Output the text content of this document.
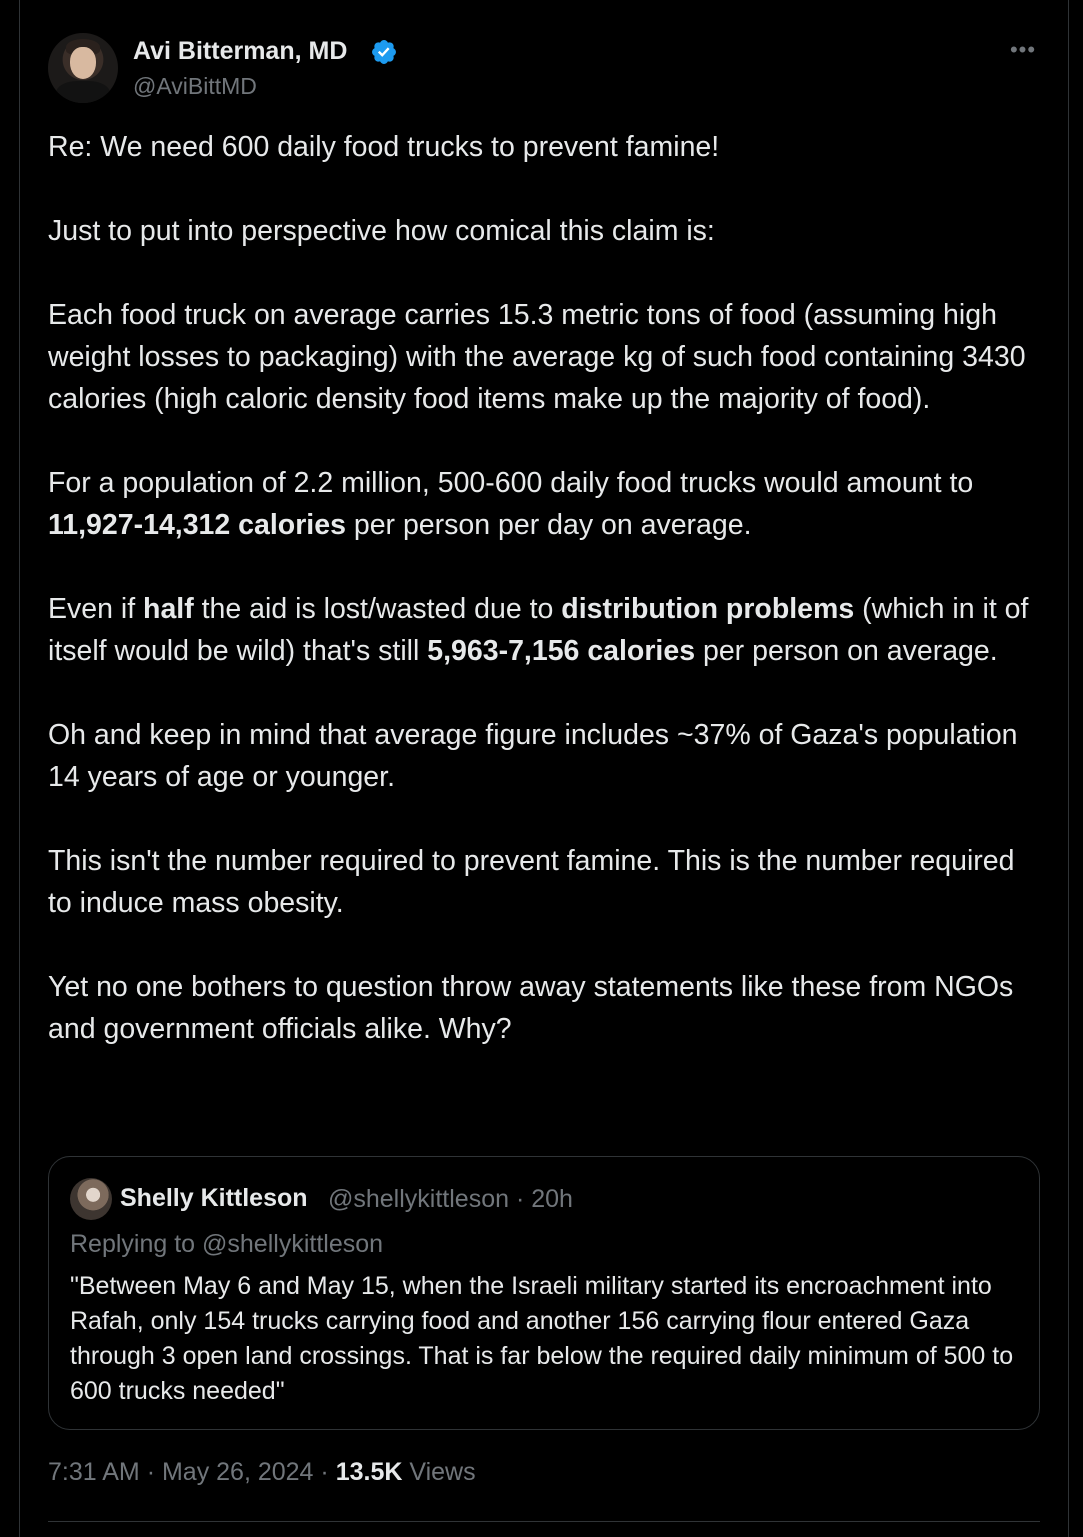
Avi Bitterman, MD
@AviBittMD
•••

Re: We need 600 daily food trucks to prevent famine!

Just to put into perspective how comical this claim is:

Each food truck on average carries 15.3 metric tons of food (assuming high weight losses to packaging) with the average kg of such food containing 3430 calories (high caloric density food items make up the majority of food).

For a population of 2.2 million, 500-600 daily food trucks would amount to 11,927-14,312 calories per person per day on average.

Even if half the aid is lost/wasted due to distribution problems (which in it of itself would be wild) that's still 5,963-7,156 calories per person on average.

Oh and keep in mind that average figure includes ~37% of Gaza's population 14 years of age or younger.

This isn't the number required to prevent famine. This is the number required to induce mass obesity.

Yet no one bothers to question throw away statements like these from NGOs and government officials alike. Why?

Shelly Kittleson @shellykittleson · 20h
Replying to @shellykittleson
"Between May 6 and May 15, when the Israeli military started its encroachment into Rafah, only 154 trucks carrying food and another 156 carrying flour entered Gaza through 3 open land crossings. That is far below the required daily minimum of 500 to 600 trucks needed"
7:31 AM · May 26, 2024 · 13.5K Views
